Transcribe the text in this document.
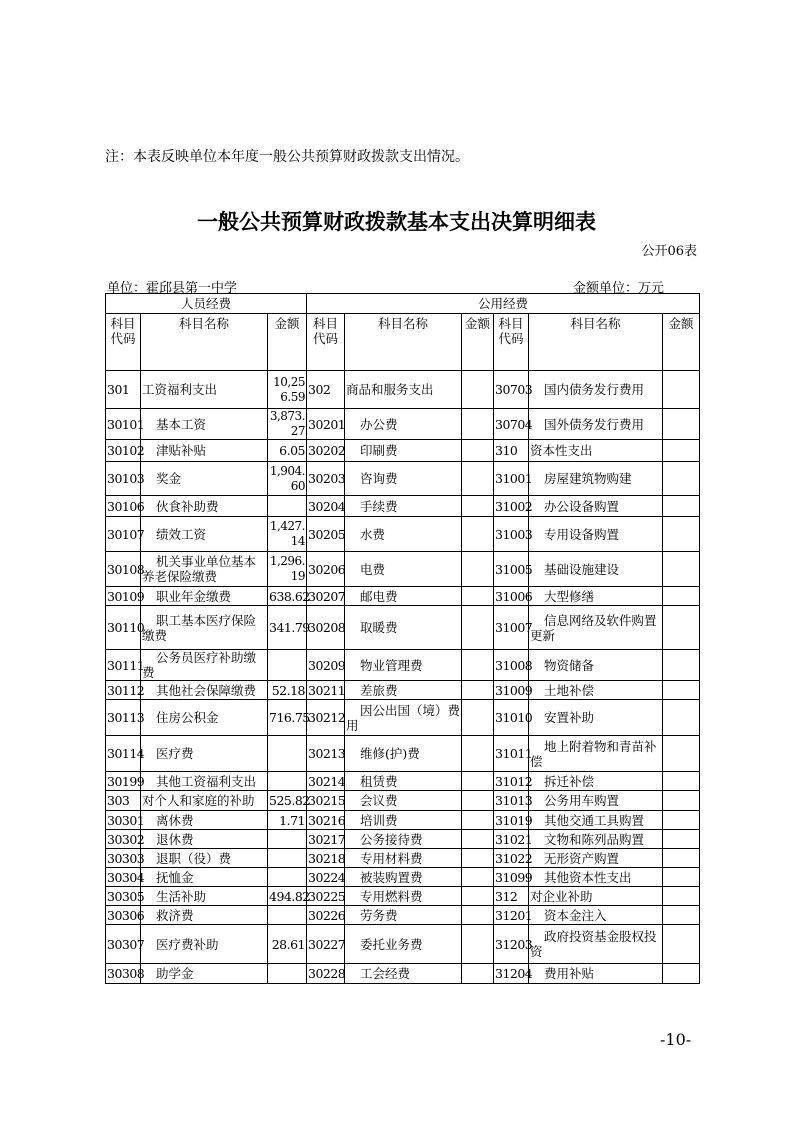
注：本表反映单位本年度一般公共预算财政拨款支出情况。
一般公共预算财政拨款基本支出决算明细表
公开06表
单位：霍邱县第一中学	金额单位：万元
人员经费			公用经费					
科目代码	科目名称	金额	科目代码	科目名称	金额	科目代码	科目名称	金额
301	工资福利支出	10,256.59	302	商品和服务支出		30703	国内债务发行费用	
30101	基本工资	3,873.27	30201	办公费		30704	国外债务发行费用	
30102	津贴补贴	6.05	30202	印刷费		310	资本性支出	
30103	奖金	1,904.60	30203	咨询费		31001	房屋建筑物购建	
30106	伙食补助费		30204	手续费		31002	办公设备购置	
30107	绩效工资	1,427.14	30205	水费		31003	专用设备购置	
30108	机关事业单位基本养老保险缴费	1,296.19	30206	电费		31005	基础设施建设	
30109	职业年金缴费	638.62	30207	邮电费		31006	大型修缮	
30110	职工基本医疗保险缴费	341.79	30208	取暖费		31007	信息网络及软件购置更新	
30111	公务员医疗补助缴费		30209	物业管理费		31008	物资储备	
30112	其他社会保障缴费	52.18	30211	差旅费		31009	土地补偿	
30113	住房公积金	716.75	30212	因公出国（境）费用		31010	安置补助	
30114	医疗费		30213	维修(护)费		31011	地上附着物和青苗补偿	
30199	其他工资福利支出		30214	租赁费		31012	拆迁补偿	
303	对个人和家庭的补助	525.82	30215	会议费		31013	公务用车购置	
30301	离休费	1.71	30216	培训费		31019	其他交通工具购置	
30302	退休费		30217	公务接待费		31021	文物和陈列品购置	
30303	退职（役）费		30218	专用材料费		31022	无形资产购置	
30304	抚恤金		30224	被装购置费		31099	其他资本性支出	
30305	生活补助	494.82	30225	专用燃料费		312	对企业补助	
30306	救济费		30226	劳务费		31201	资本金注入	
30307	医疗费补助	28.61	30227	委托业务费		31203	政府投资基金股权投资	
30308	助学金		30228	工会经费		31204	费用补贴	
-10-
